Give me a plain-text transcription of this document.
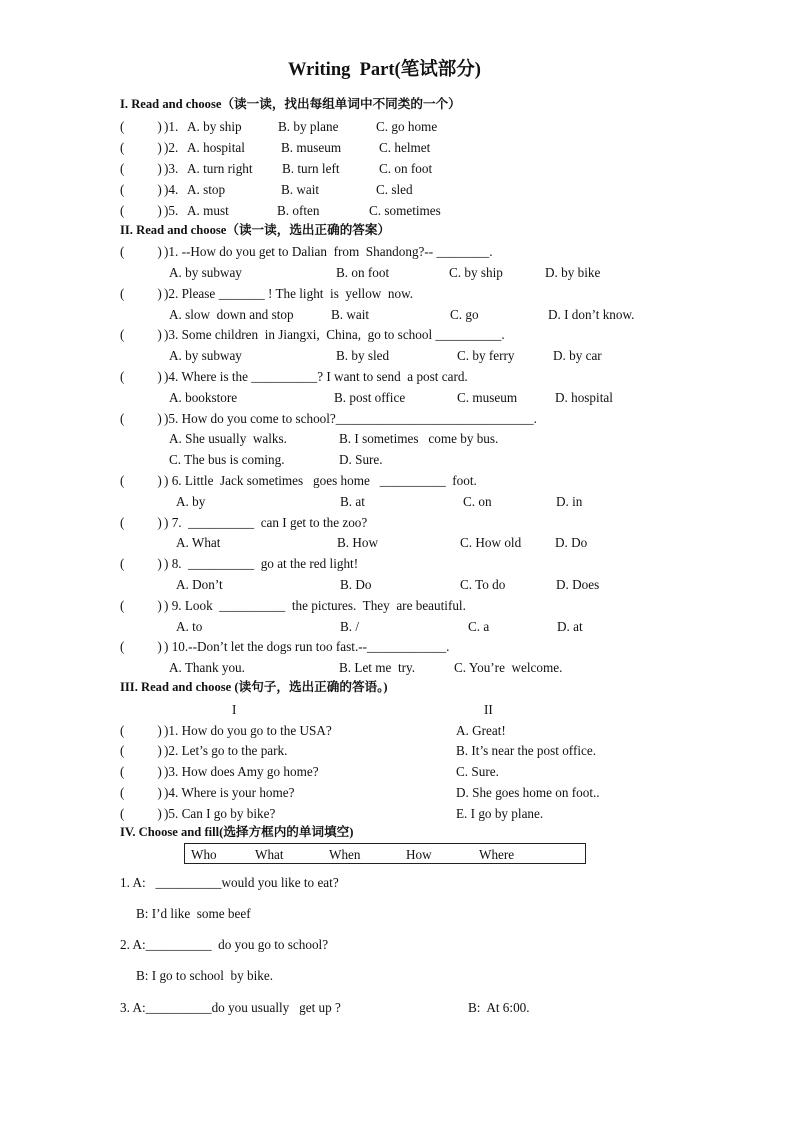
Writing  Part(笔试部分)
I. Read and choose（读一读，找出每组单词中不同类的一个）
(          ) )1. A. by ship	B. by plane	C. go home
(          ) )2. A. hospital	B. museum	C. helmet
(          ) )3. A. turn right B. turn left	C. on foot
(          ) )4. A. stop	B. wait	C. sled
(          ) )5. A. must	B. often	C. sometimes
II. Read and choose（读一读，选出正确的答案）
(          ) )1. --How do you get to Dalian  from  Shandong?-- ________.
A. by subway	B. on foot	C. by ship	D. by bike
(          ) )2. Please _______ ! The light  is  yellow  now.
A. slow  down and stop	B. wait	C. go	D. I don’t know.
(          ) )3. Some children  in Jiangxi,  China,  go to school __________.
A. by subway	B. by sled	C. by ferry	D. by car
(          ) )4. Where is the __________? I want to send  a post card.
A. bookstore	B. post office	C. museum	D. hospital
(          ) )5. How do you come to school?______________________________.
A. She usually  walks.	B. I sometimes   come by bus.
C. The bus is coming.	D. Sure.
(          ) ) 6. Little  Jack sometimes   goes home   __________  foot.
A. by	B. at	C. on	D. in
(          ) ) 7.  __________  can I get to the zoo?
A. What	B. How	C. How old	D. Do
(          ) ) 8.  __________  go at the red light!
A. Don’t	B. Do	C. To do	D. Does
(          ) ) 9. Look  __________  the pictures.  They  are beautiful.
A. to	B. /	C. a	D. at
(          ) ) 10.--Don’t let the dogs run too fast.--____________.
A. Thank you.	B. Let me  try.	C. You’re  welcome.
III. Read and choose (读句子，选出正确的答语。)
I	II
(          ) )1. How do you go to the USA?	A. Great!
(          ) )2. Let’s go to the park.	B. It’s near the post office.
(          ) )3. How does Amy go home?	C. Sure.
(          ) )4. Where is your home?	D. She goes home on foot..
(          ) )5. Can I go by bike?	E. I go by plane.
IV. Choose and fill(选择方框内的单词填空)
Who	What	When	How	Where
1. A:   __________would you like to eat?
B: I’d like  some beef
2. A:__________  do you go to school?
B: I go to school  by bike.
3. A:__________do you usually   get up ?	B:  At 6:00.
